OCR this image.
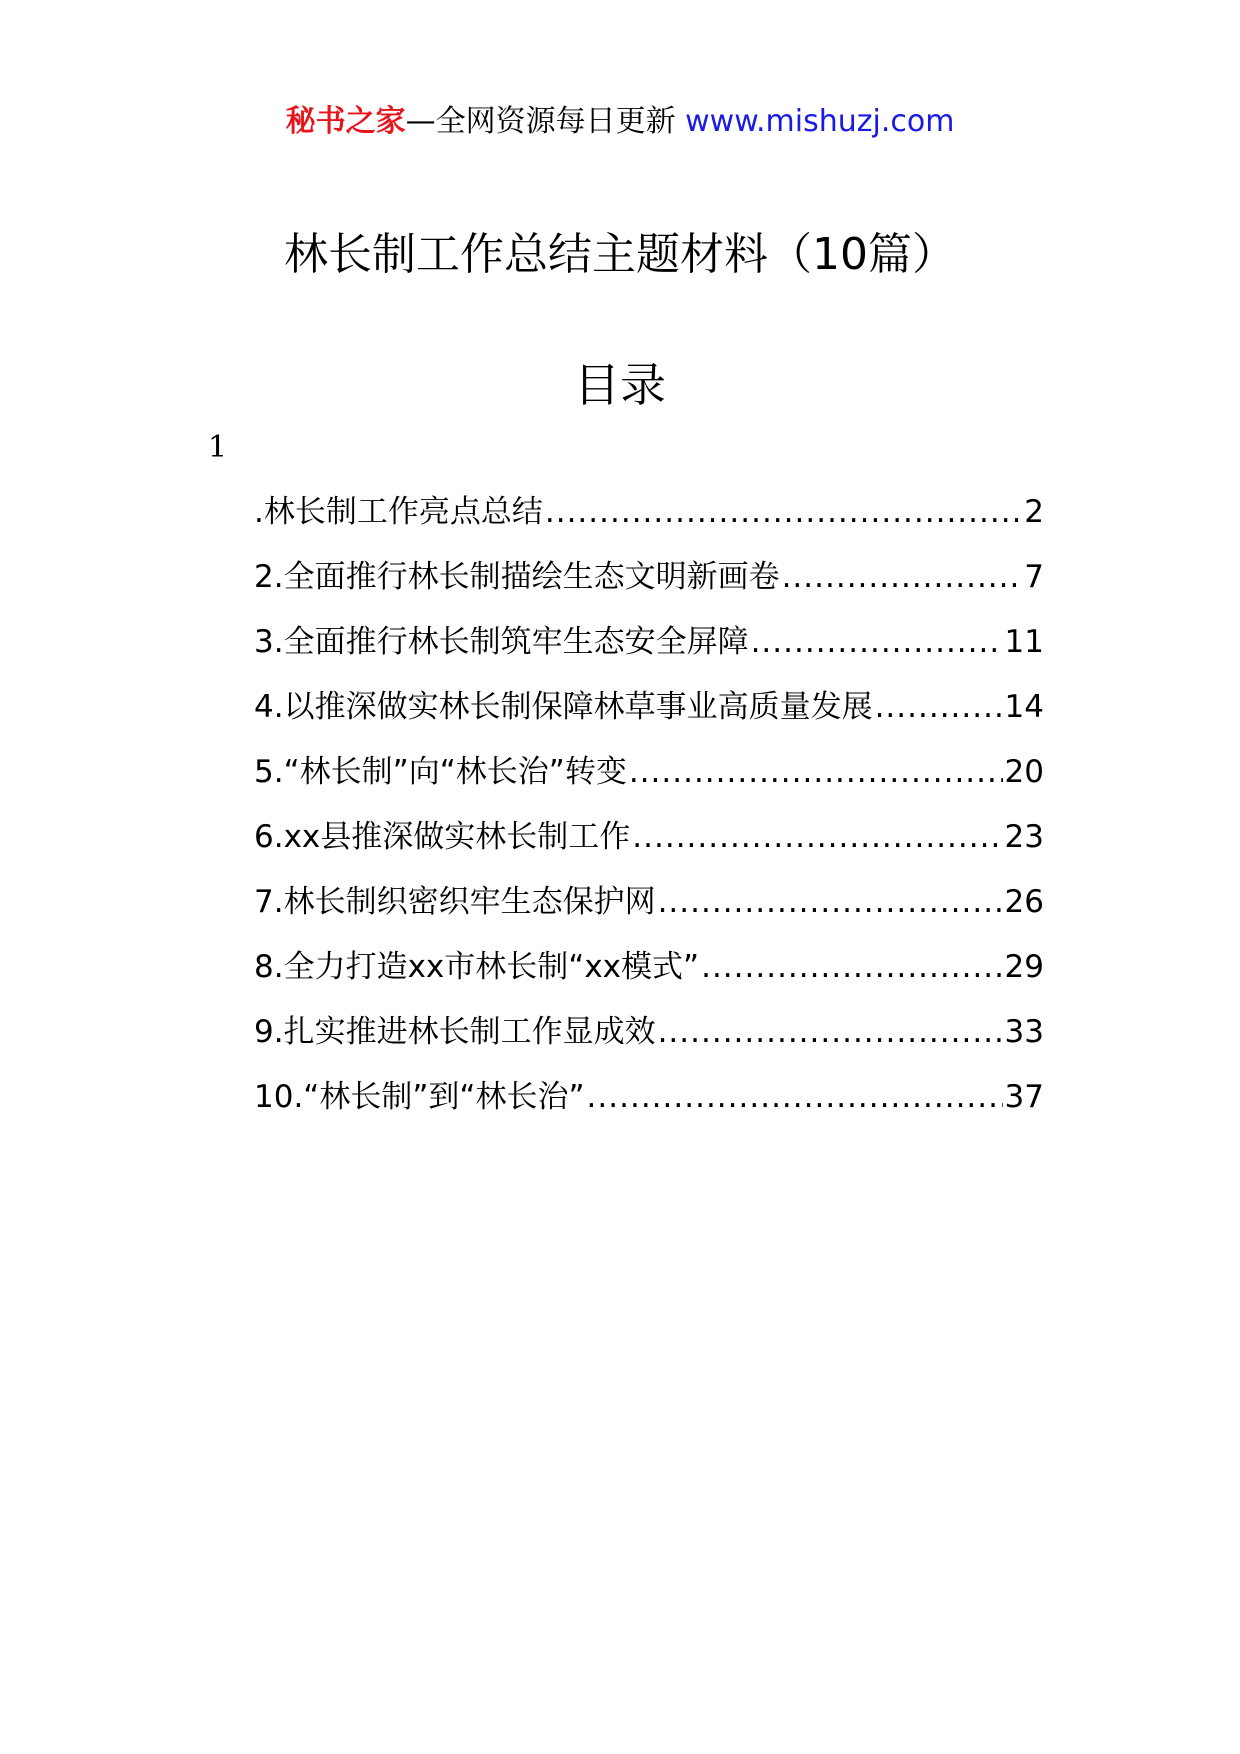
秘书之家—全网资源每日更新 www.mishuzj.com
林长制工作总结主题材料（10篇）
目录
1
.林长制工作亮点总结 .....	2
2.全面推行林长制描绘生态文明新画卷 .....	7
3.全面推行林长制筑牢生态安全屏障 .....	11
4.以推深做实林长制保障林草事业高质量发展 .....	14
5.“林长制”向“林长治”转变 .....	20
6.xx县推深做实林长制工作 .....	23
7.林长制织密织牢生态保护网 .....	26
8.全力打造xx市林长制“xx模式” .....	29
9.扎实推进林长制工作显成效 .....	33
10.“林长制”到“林长治” .....	37
